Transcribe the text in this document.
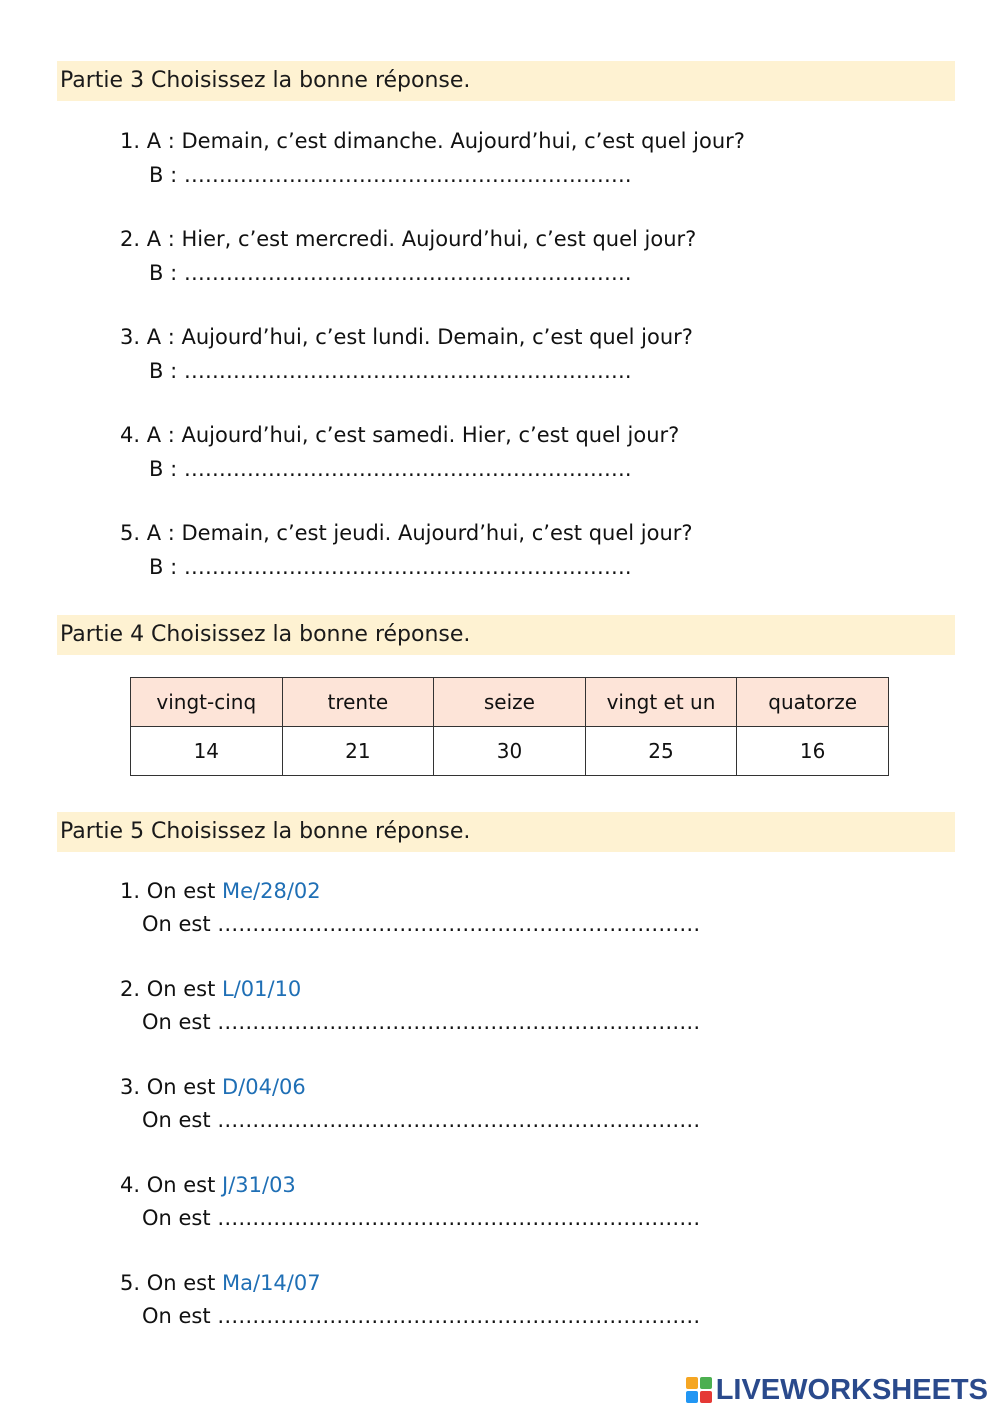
Partie 3 Choisissez la bonne réponse.
1. A : Demain, c’est dimanche. Aujourd’hui, c’est quel jour?
B : ……………………………………………………….
2. A : Hier, c’est mercredi. Aujourd’hui, c’est quel jour?
B : ……………………………………………………….
3. A : Aujourd’hui, c’est lundi. Demain, c’est quel jour?
B : ……………………………………………………….
4. A : Aujourd’hui, c’est samedi. Hier, c’est quel jour?
B : ……………………………………………………….
5. A : Demain, c’est jeudi. Aujourd’hui, c’est quel jour?
B : ……………………………………………………….
Partie 4 Choisissez la bonne réponse.
vingt-cinq	trente	seize	vingt et un	quatorze
14	21	30	25	16
Partie 5 Choisissez la bonne réponse.
1. On est Me/28/02
On est ……………………………………………………………
2. On est L/01/10
On est ……………………………………………………………
3. On est D/04/06
On est ……………………………………………………………
4. On est J/31/03
On est ……………………………………………………………
5. On est Ma/14/07
On est ……………………………………………………………
LIVEWORKSHEETS
